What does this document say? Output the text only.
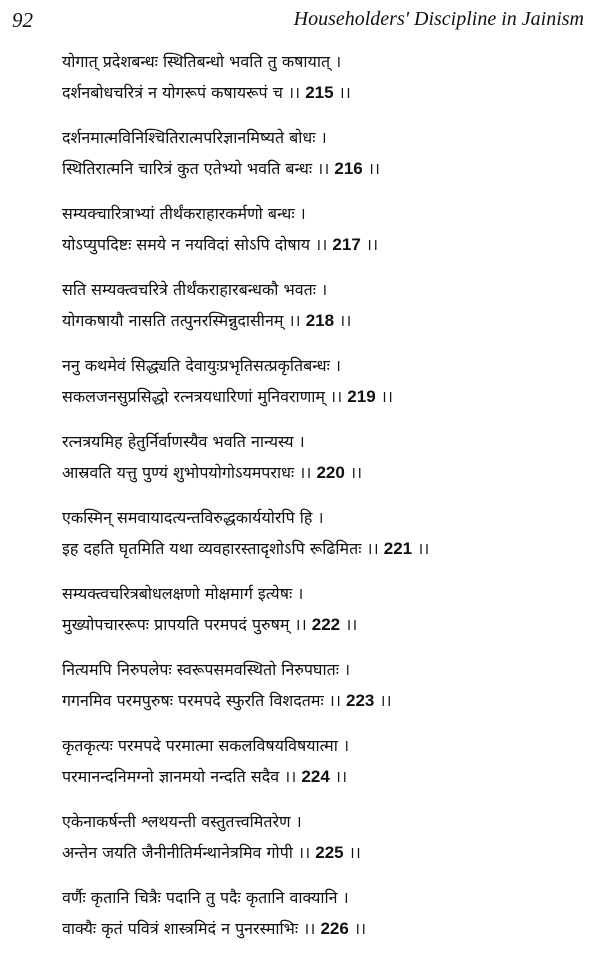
92	Householders' Discipline in Jainism
योगात् प्रदेशबन्धः स्थितिबन्धो भवति तु कषायात् ।
दर्शनबोधचरित्रं न योगरूपं कषायरूपं च ।। 215 ।।
दर्शनमात्मविनिश्चितिरात्मपरिज्ञानमिष्यते बोधः ।
स्थितिरात्मनि चारित्रं कुत एतेभ्यो भवति बन्धः ।। 216 ।।
सम्यक्चारित्राभ्यां तीर्थंकराहारकर्मणो बन्धः ।
योऽप्युपदिष्टः समये न नयविदां सोऽपि दोषाय ।। 217 ।।
सति सम्यक्त्वचरित्रे तीर्थंकराहारबन्धकौ भवतः ।
योगकषायौ नासति तत्पुनरस्मिन्नुदासीनम् ।। 218 ।।
ननु कथमेवं सिद्ध्यति देवायुःप्रभृतिसत्प्रकृतिबन्धः ।
सकलजनसुप्रसिद्धो रत्नत्रयधारिणां मुनिवराणाम् ।। 219 ।।
रत्नत्रयमिह हेतुर्निर्वाणस्यैव भवति नान्यस्य ।
आस्रवति यत्तु पुण्यं शुभोपयोगोऽयमपराधः ।। 220 ।।
एकस्मिन् समवायादत्यन्तविरुद्धकार्ययोरपि हि ।
इह दहति घृतमिति यथा व्यवहारस्तादृशोऽपि रूढिमितः ।। 221 ।।
सम्यक्त्वचरित्रबोधलक्षणो मोक्षमार्ग इत्येषः ।
मुख्योपचाररूपः प्रापयति परमपदं पुरुषम् ।। 222 ।।
नित्यमपि निरुपलेपः स्वरूपसमवस्थितो निरुपघातः ।
गगनमिव परमपुरुषः परमपदे स्फुरति विशदतमः ।। 223 ।।
कृतकृत्यः परमपदे परमात्मा सकलविषयविषयात्मा ।
परमानन्दनिमग्नो ज्ञानमयो नन्दति सदैव ।। 224 ।।
एकेनाकर्षन्ती श्लथयन्ती वस्तुतत्त्वमितरेण ।
अन्तेन जयति जैनीनीतिर्मन्थानेत्रमिव गोपी ।। 225 ।।
वर्णैः कृतानि चित्रैः पदानि तु पदैः कृतानि वाक्यानि ।
वाक्यैः कृतं पवित्रं शास्त्रमिदं न पुनरस्माभिः ।। 226 ।।
